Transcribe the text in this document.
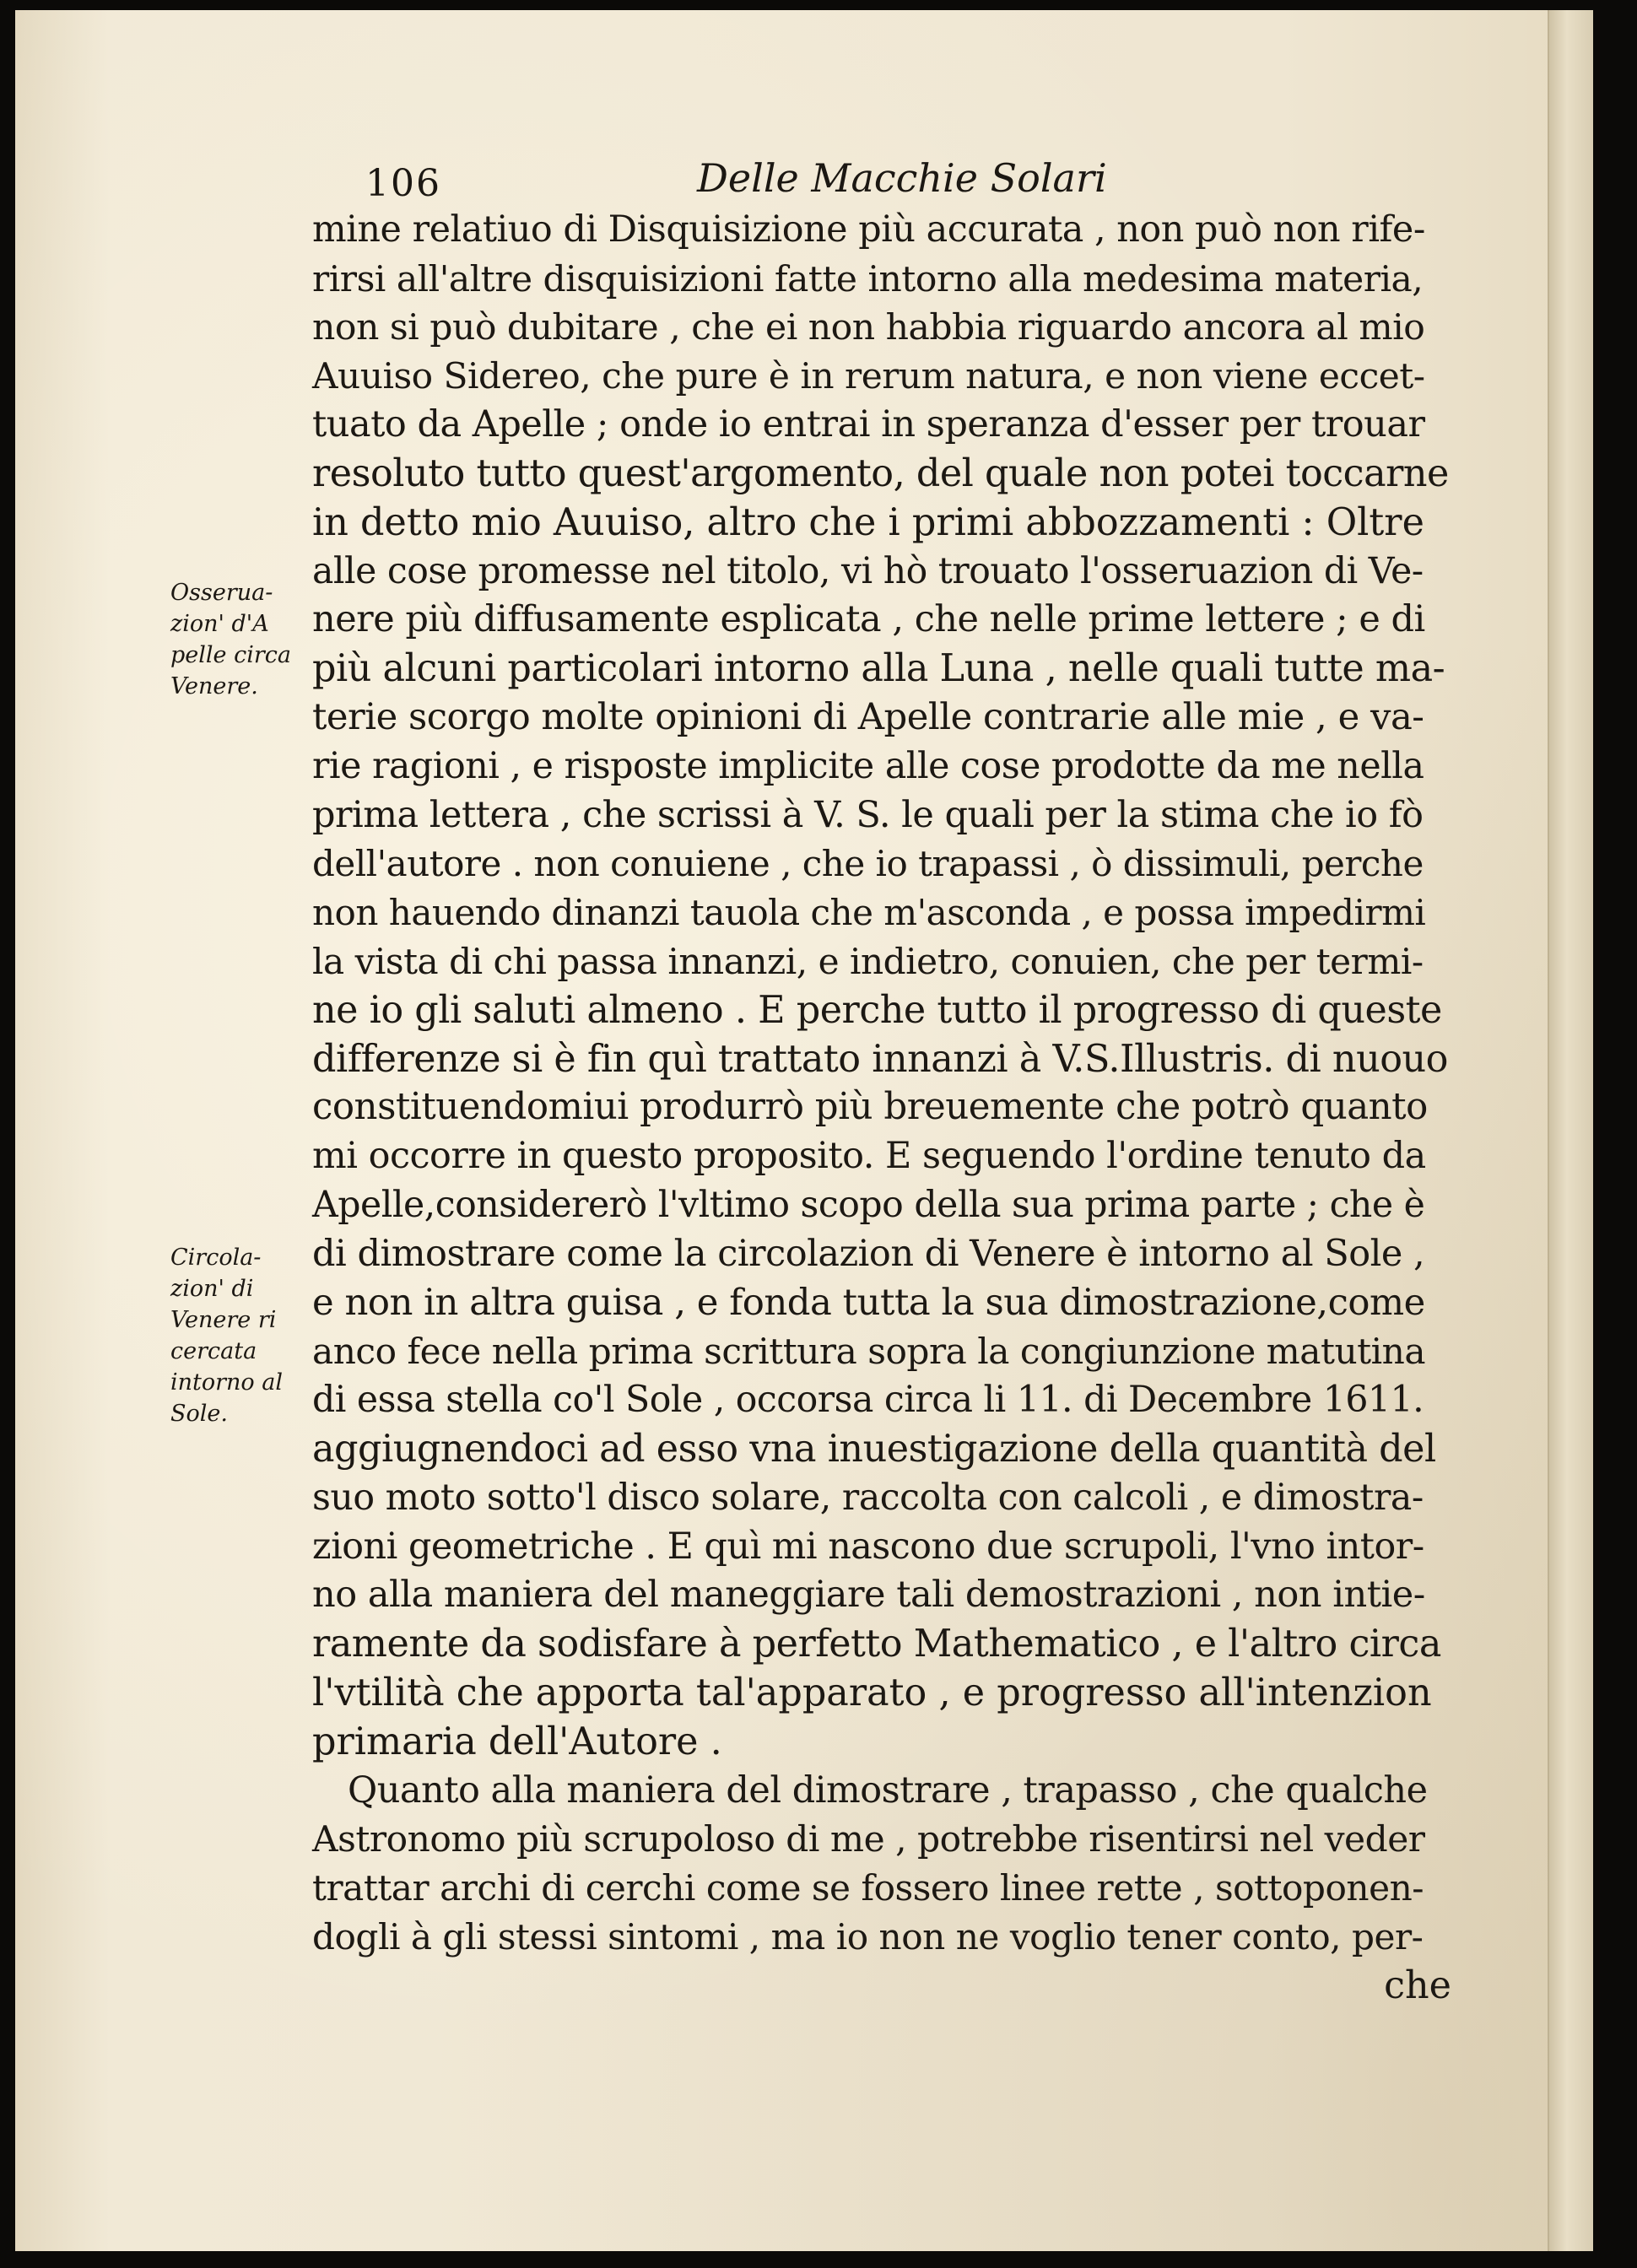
106	Delle Macchie Solari
mine relatiuo di Disquisizione più accurata , non può non rife-
rirsi all'altre disquisizioni fatte intorno alla medesima materia,
non si può dubitare , che ei non habbia riguardo ancora al mio
Auuiso Sidereo, che pure è in rerum natura, e non viene eccet-
tuato da Apelle ; onde io entrai in speranza d'esser per trouar
resoluto tutto quest'argomento, del quale non potei toccarne
in detto mio Auuiso, altro che i primi abbozzamenti : Oltre
alle cose promesse nel titolo, vi hò trouato l'osseruazion di Ve-
nere più diffusamente esplicata , che nelle prime lettere ; e di
più alcuni particolari intorno alla Luna , nelle quali tutte ma-
terie scorgo molte opinioni di Apelle contrarie alle mie , e va-
rie ragioni , e risposte implicite alle cose prodotte da me nella
prima lettera , che scrissi à V. S. le quali per la stima che io fò
dell'autore . non conuiene , che io trapassi , ò dissimuli, perche
non hauendo dinanzi tauola che m'asconda , e possa impedirmi
la vista di chi passa innanzi, e indietro, conuien, che per termi-
ne io gli saluti almeno . E perche tutto il progresso di queste
differenze si è fin quì trattato innanzi à V.S.Illustris. di nuouo
constituendomiui produrrò più breuemente che potrò quanto
mi occorre in questo proposito. E seguendo l'ordine tenuto da
Apelle,considererò l'vltimo scopo della sua prima parte ; che è
di dimostrare come la circolazion di Venere è intorno al Sole ,
e non in altra guisa , e fonda tutta la sua dimostrazione,come
anco fece nella prima scrittura sopra la congiunzione matutina
di essa stella co'l Sole , occorsa circa li 11. di Decembre 1611.
aggiugnendoci ad esso vna inuestigazione della quantità del
suo moto sotto'l disco solare, raccolta con calcoli , e dimostra-
zioni geometriche . E quì mi nascono due scrupoli, l'vno intor-
no alla maniera del maneggiare tali demostrazioni , non intie-
ramente da sodisfare à perfetto Mathematico , e l'altro circa
l'vtilità che apporta tal'apparato , e progresso all'intenzion
primaria dell'Autore .
Quanto alla maniera del dimostrare , trapasso , che qualche
Astronomo più scrupoloso di me , potrebbe risentirsi nel veder
trattar archi di cerchi come se fossero linee rette , sottoponen-
dogli à gli stessi sintomi , ma io non ne voglio tener conto, per-
che
Osserua-
zion' d'A
pelle circa
Venere.
Circola-
zion' di
Venere ri
cercata
intorno al
Sole.
